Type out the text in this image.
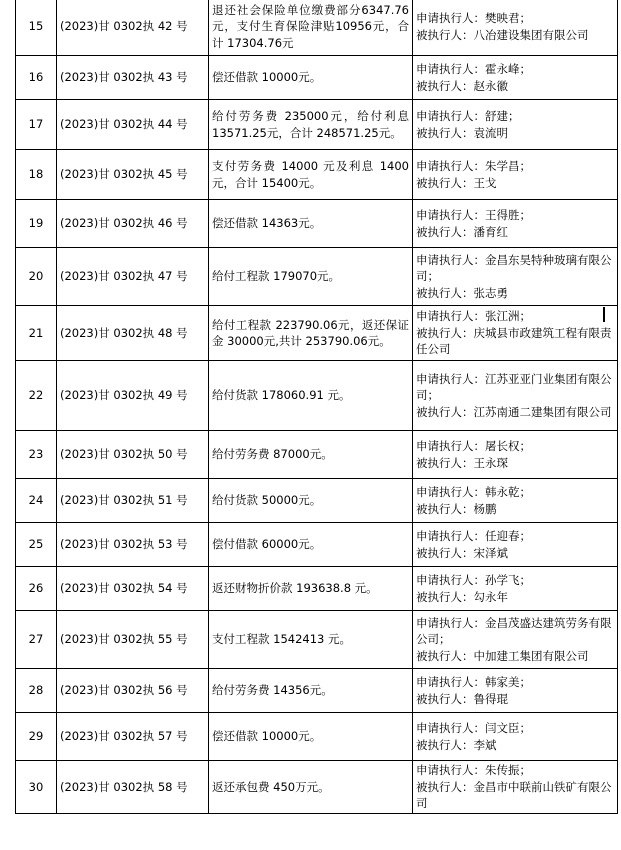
15	(2023)甘 0302执 42 号	退还社会保险单位缴费部分6347.76元，支付生育保险津贴10956元，合计 17304.76元	申请执行人：樊映君；
被执行人：八冶建设集团有限公司

16	(2023)甘 0302执 43 号	偿还借款 10000元。	申请执行人：霍永峰；
被执行人：赵永徽

17	(2023)甘 0302执 44 号	给付劳务费 235000元，给付利息13571.25元，合计 248571.25元。	申请执行人：舒建；
被执行人：袁流明

18	(2023)甘 0302执 45 号	支付劳务费 14000 元及利息 1400元，合计 15400元。	申请执行人：朱学昌；
被执行人：王戈

19	(2023)甘 0302执 46 号	偿还借款 14363元。	申请执行人：王得胜；
被执行人：潘育红

20	(2023)甘 0302执 47 号	给付工程款 179070元。	申请执行人：金昌东昊特种玻璃有限公司；
被执行人：张志勇

21	(2023)甘 0302执 48 号	给付工程款 223790.06元，返还保证金 30000元,共计 253790.06元。	申请执行人：张江洲；
被执行人：庆城县市政建筑工程有限责任公司

22	(2023)甘 0302执 49 号	给付货款 178060.91 元。	申请执行人：江苏亚亚门业集团有限公司；
被执行人：江苏南通二建集团有限公司

23	(2023)甘 0302执 50 号	给付劳务费 87000元。	申请执行人：屠长权；
被执行人：王永琛

24	(2023)甘 0302执 51 号	给付货款 50000元。	申请执行人：韩永乾；
被执行人：杨鹏

25	(2023)甘 0302执 53 号	偿付借款 60000元。	申请执行人：任迎春；
被执行人：宋泽斌

26	(2023)甘 0302执 54 号	返还财物折价款 193638.8 元。	申请执行人：孙学飞；
被执行人：勾永年

27	(2023)甘 0302执 55 号	支付工程款 1542413 元。	申请执行人：金昌茂盛达建筑劳务有限公司；
被执行人：中加建工集团有限公司

28	(2023)甘 0302执 56 号	给付劳务费 14356元。	申请执行人：韩家美；
被执行人：鲁得琨

29	(2023)甘 0302执 57 号	偿还借款 10000元。	申请执行人：闫文臣；
被执行人：李斌

30	(2023)甘 0302执 58 号	返还承包费 450万元。	申请执行人：朱传振；
被执行人：金昌市中联前山铁矿有限公司
